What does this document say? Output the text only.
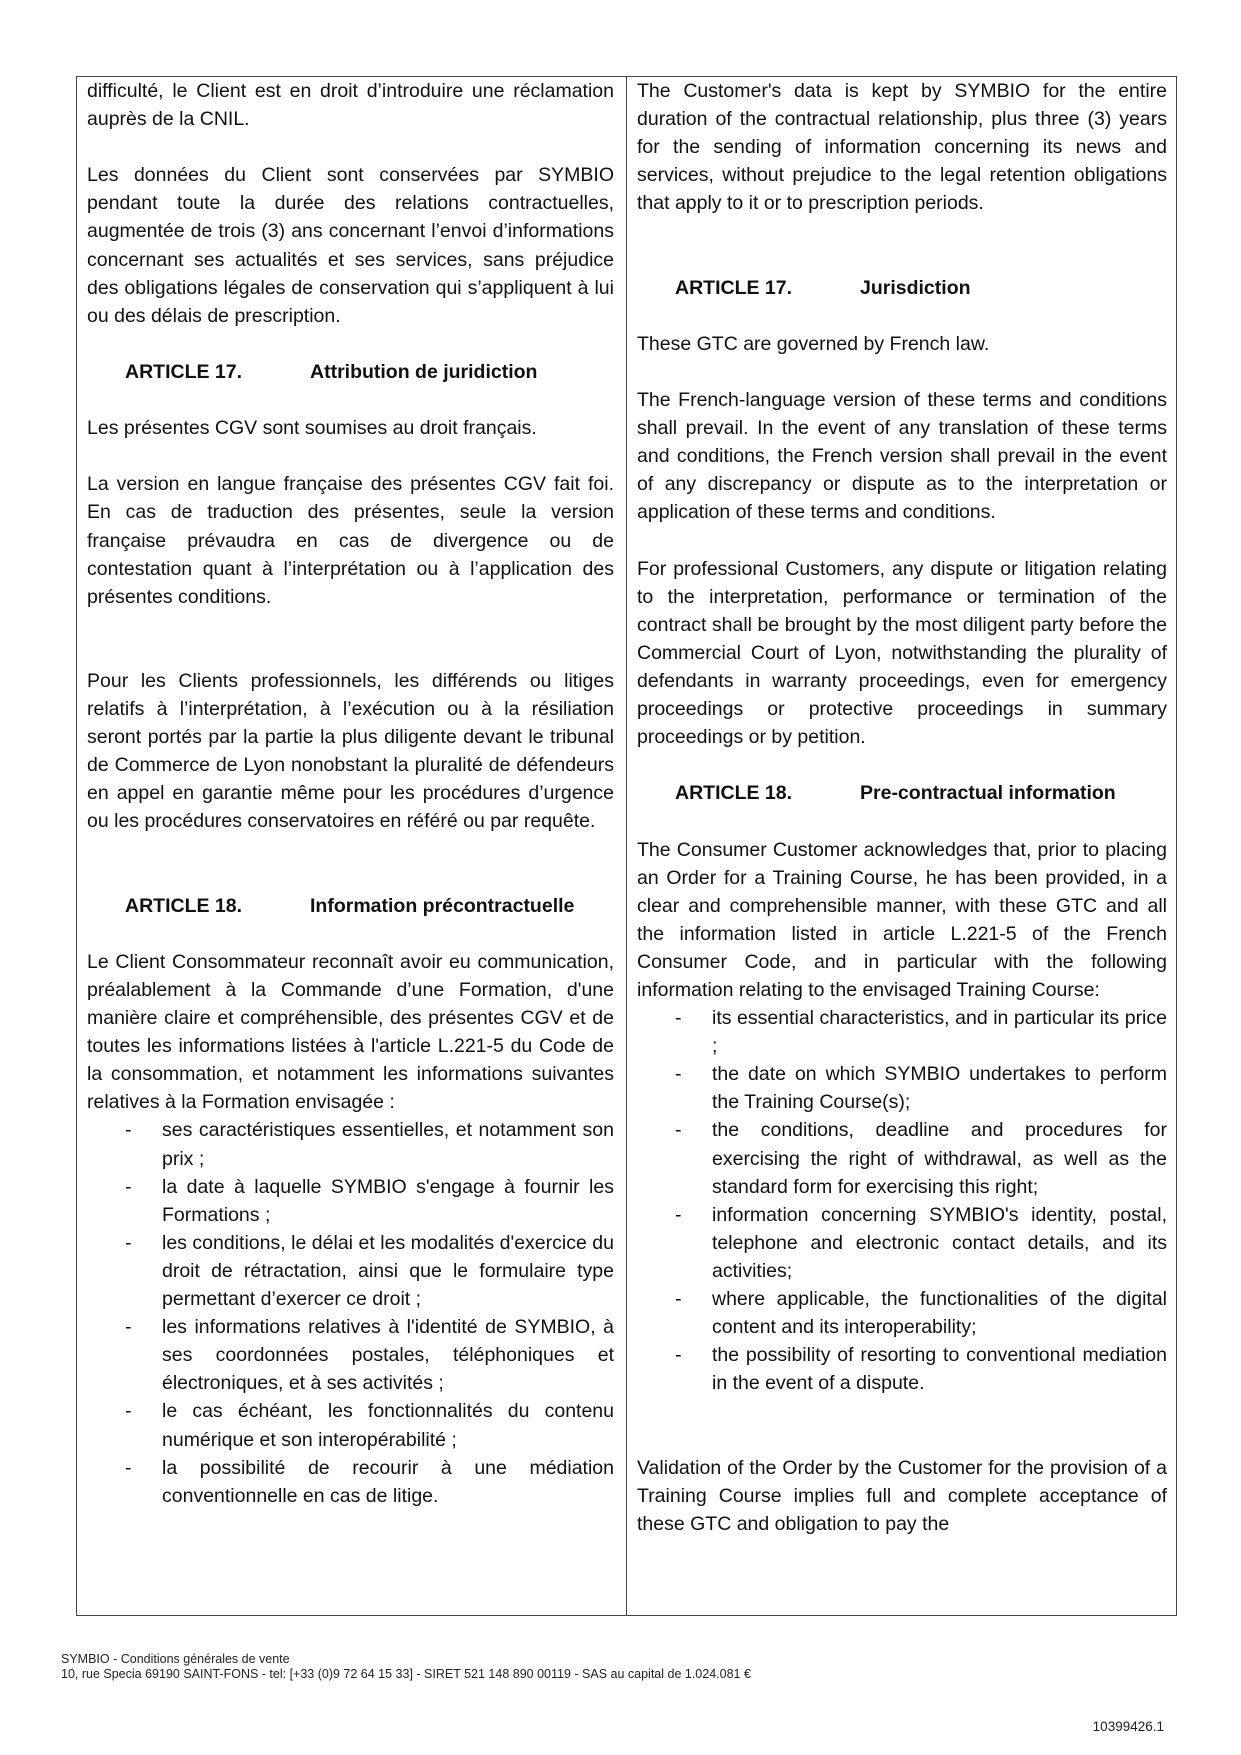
difficulté, le Client est en droit d’introduire une réclamation auprès de la CNIL.

Les données du Client sont conservées par SYMBIO pendant toute la durée des relations contractuelles, augmentée de trois (3) ans concernant l’envoi d’informations concernant ses actualités et ses services, sans préjudice des obligations légales de conservation qui s’appliquent à lui ou des délais de prescription.

ARTICLE 17.	Attribution de juridiction

Les présentes CGV sont soumises au droit français.

La version en langue française des présentes CGV fait foi. En cas de traduction des présentes, seule la version française prévaudra en cas de divergence ou de contestation quant à l’interprétation ou à l’application des présentes conditions.

Pour les Clients professionnels, les différends ou litiges relatifs à l’interprétation, à l’exécution ou à la résiliation seront portés par la partie la plus diligente devant le tribunal de Commerce de Lyon nonobstant la pluralité de défendeurs en appel en garantie même pour les procédures d’urgence ou les procédures conservatoires en référé ou par requête.

ARTICLE 18.	Information précontractuelle

Le Client Consommateur reconnaît avoir eu communication, préalablement à la Commande d’une Formation, d'une manière claire et compréhensible, des présentes CGV et de toutes les informations listées à l'article L.221-5 du Code de la consommation, et notamment les informations suivantes relatives à la Formation envisagée :

-	ses caractéristiques essentielles, et notamment son prix ;
-	la date à laquelle SYMBIO s'engage à fournir les Formations ;
-	les conditions, le délai et les modalités d'exercice du droit de rétractation, ainsi que le formulaire type permettant d’exercer ce droit ;
-	les informations relatives à l'identité de SYMBIO, à ses coordonnées postales, téléphoniques et électroniques, et à ses activités ;
-	le cas échéant, les fonctionnalités du contenu numérique et son interopérabilité ;
-	la possibilité de recourir à une médiation conventionnelle en cas de litige.

The Customer's data is kept by SYMBIO for the entire duration of the contractual relationship, plus three (3) years for the sending of information concerning its news and services, without prejudice to the legal retention obligations that apply to it or to prescription periods.

ARTICLE 17.	Jurisdiction

These GTC are governed by French law.

The French-language version of these terms and conditions shall prevail. In the event of any translation of these terms and conditions, the French version shall prevail in the event of any discrepancy or dispute as to the interpretation or application of these terms and conditions.

For professional Customers, any dispute or litigation relating to the interpretation, performance or termination of the contract shall be brought by the most diligent party before the Commercial Court of Lyon, notwithstanding the plurality of defendants in warranty proceedings, even for emergency proceedings or protective proceedings in summary proceedings or by petition.

ARTICLE 18.	Pre-contractual information

The Consumer Customer acknowledges that, prior to placing an Order for a Training Course, he has been provided, in a clear and comprehensible manner, with these GTC and all the information listed in article L.221-5 of the French Consumer Code, and in particular with the following information relating to the envisaged Training Course:

-	its essential characteristics, and in particular its price ;
-	the date on which SYMBIO undertakes to perform the Training Course(s);
-	the conditions, deadline and procedures for exercising the right of withdrawal, as well as the standard form for exercising this right;
-	information concerning SYMBIO's identity, postal, telephone and electronic contact details, and its activities;
-	where applicable, the functionalities of the digital content and its interoperability;
-	the possibility of resorting to conventional mediation in the event of a dispute.

Validation of the Order by the Customer for the provision of a Training Course implies full and complete acceptance of these GTC and obligation to pay the

SYMBIO - Conditions générales de vente
10, rue Specia 69190 SAINT-FONS - tel: [+33 (0)9 72 64 15 33] - SIRET 521 148 890 00119 - SAS au capital de 1.024.081 €
10399426.1
